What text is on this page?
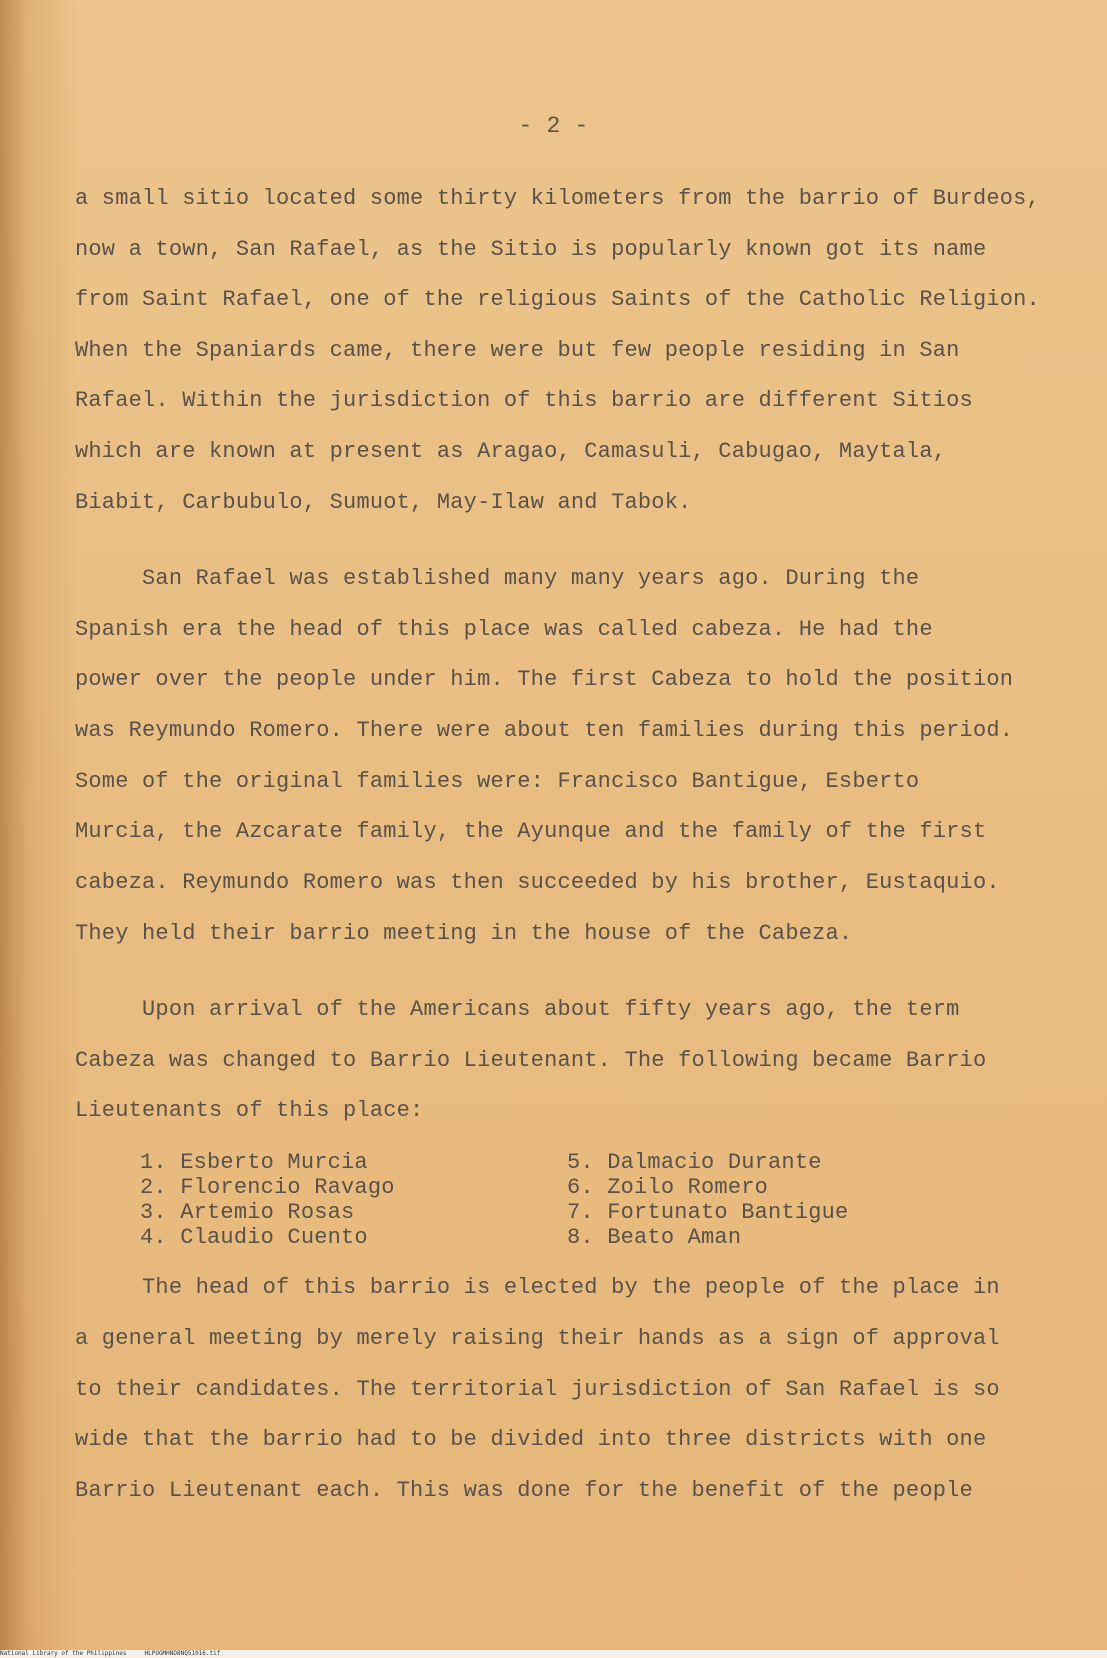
- 2 -
a small sitio located some thirty kilometers from the barrio of Burdeos,
now a town, San Rafael, as the Sitio is popularly known got its name
from Saint Rafael, one of the religious Saints of the Catholic Religion.
When the Spaniards came, there were but few people residing in San
Rafael. Within the jurisdiction of this barrio are different Sitios
which are known at present as Aragao, Camasuli, Cabugao, Maytala,
Biabit, Carbubulo, Sumuot, May-Ilaw and Tabok.
San Rafael was established many many years ago. During the
Spanish era the head of this place was called cabeza. He had the
power over the people under him. The first Cabeza to hold the position
was Reymundo Romero. There were about ten families during this period.
Some of the original families were: Francisco Bantigue, Esberto
Murcia, the Azcarate family, the Ayunque and the family of the first
cabeza. Reymundo Romero was then succeeded by his brother, Eustaquio.
They held their barrio meeting in the house of the Cabeza.
Upon arrival of the Americans about fifty years ago, the term
Cabeza was changed to Barrio Lieutenant. The following became Barrio
Lieutenants of this place:
1. Esberto Murcia
2. Florencio Ravago
3. Artemio Rosas
4. Claudio Cuento
5. Dalmacio Durante
6. Zoilo Romero
7. Fortunato Bantigue
8. Beato Aman
The head of this barrio is elected by the people of the place in
a general meeting by merely raising their hands as a sign of approval
to their candidates. The territorial jurisdiction of San Rafael is so
wide that the barrio had to be divided into three districts with one
Barrio Lieutenant each. This was done for the benefit of the people
National Library of the Philippines     HLPOGMHND8NQ51016.tif
